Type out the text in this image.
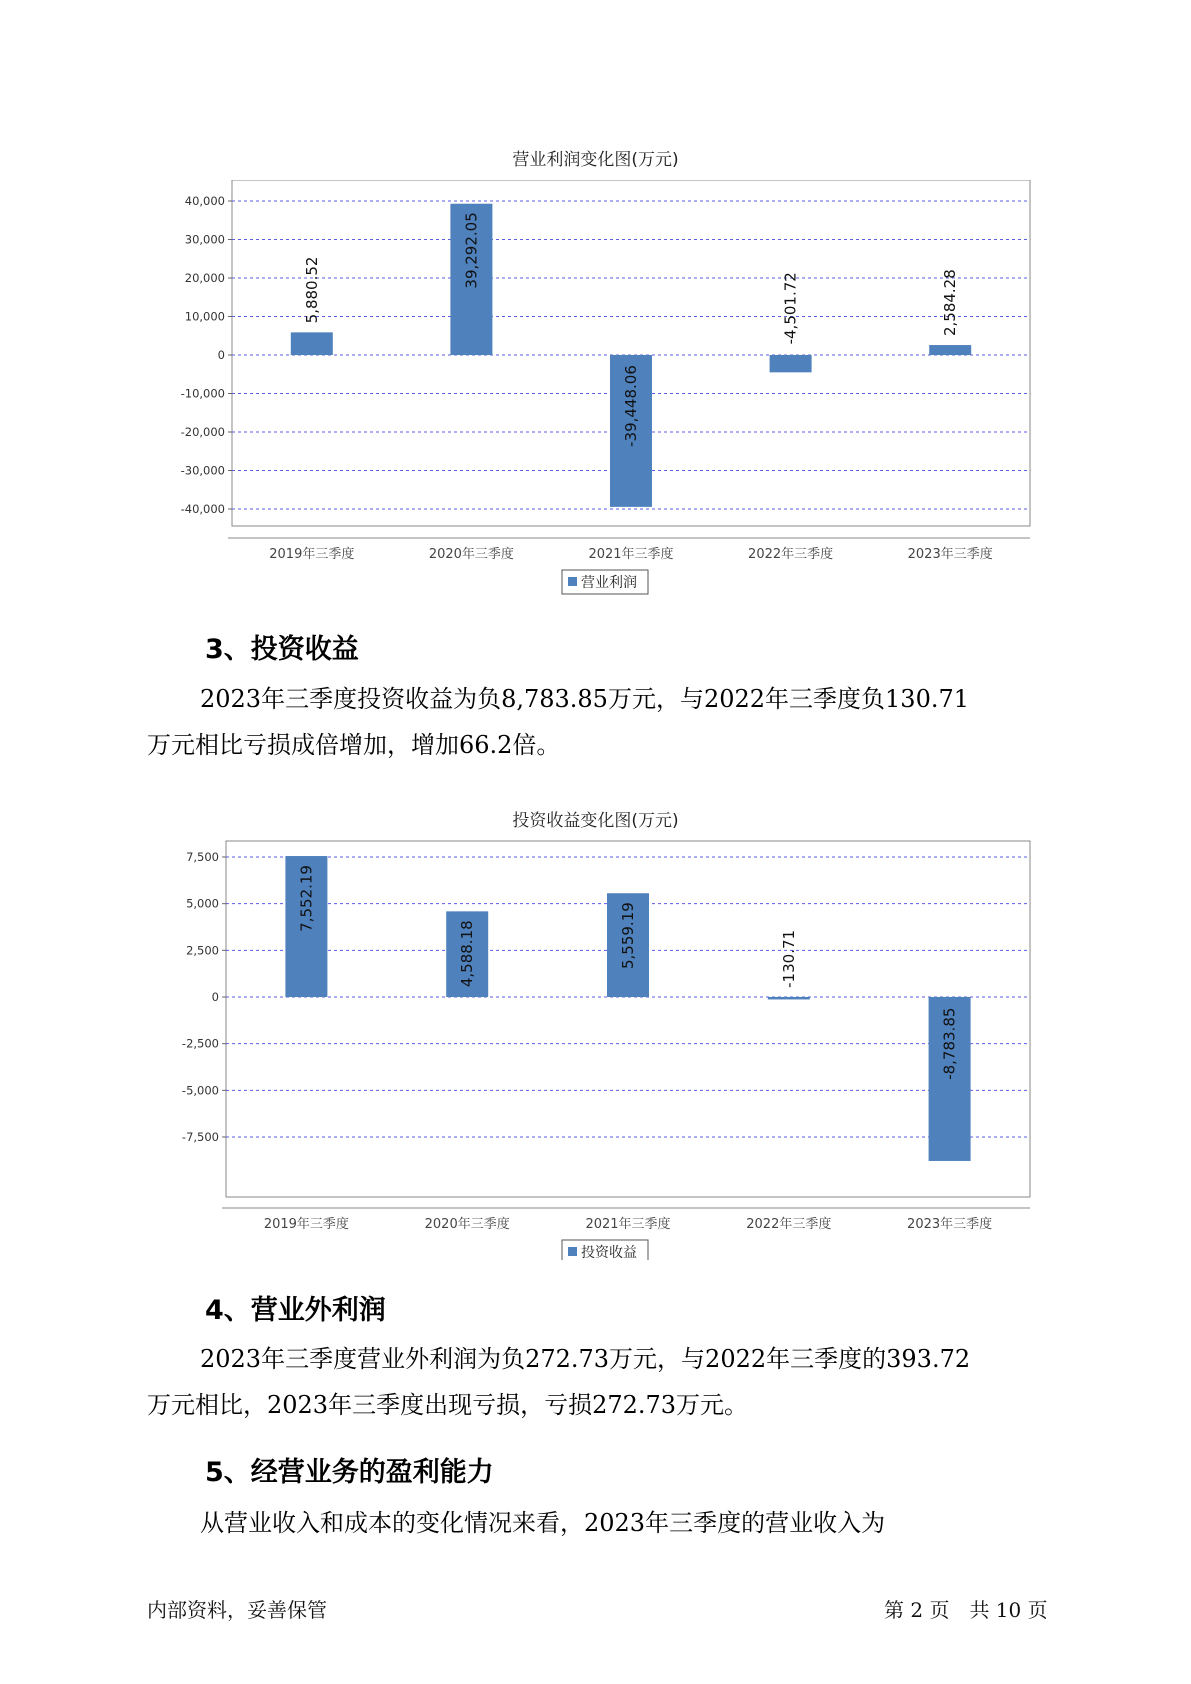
营业利润变化图(万元)
40,000
30,000
20,000
10,000
0
-10,000
-20,000
-30,000
-40,000
5,880.52
2019年三季度
39,292.05
2020年三季度
-39,448.06
2021年三季度
-4,501.72
2022年三季度
2,584.28
2023年三季度
营业利润
3、投资收益
2023年三季度投资收益为负8,783.85万元，与2022年三季度负130.71
万元相比亏损成倍增加，增加66.2倍。
投资收益变化图(万元)
7,500
5,000
2,500
0
-2,500
-5,000
-7,500
7,552.19
2019年三季度
4,588.18
2020年三季度
5,559.19
2021年三季度
-130.71
2022年三季度
-8,783.85
2023年三季度
投资收益
4、营业外利润
2023年三季度营业外利润为负272.73万元，与2022年三季度的393.72
万元相比，2023年三季度出现亏损，亏损272.73万元。
5、经营业务的盈利能力
从营业收入和成本的变化情况来看，2023年三季度的营业收入为
内部资料，妥善保管	第 2 页　共 10 页
